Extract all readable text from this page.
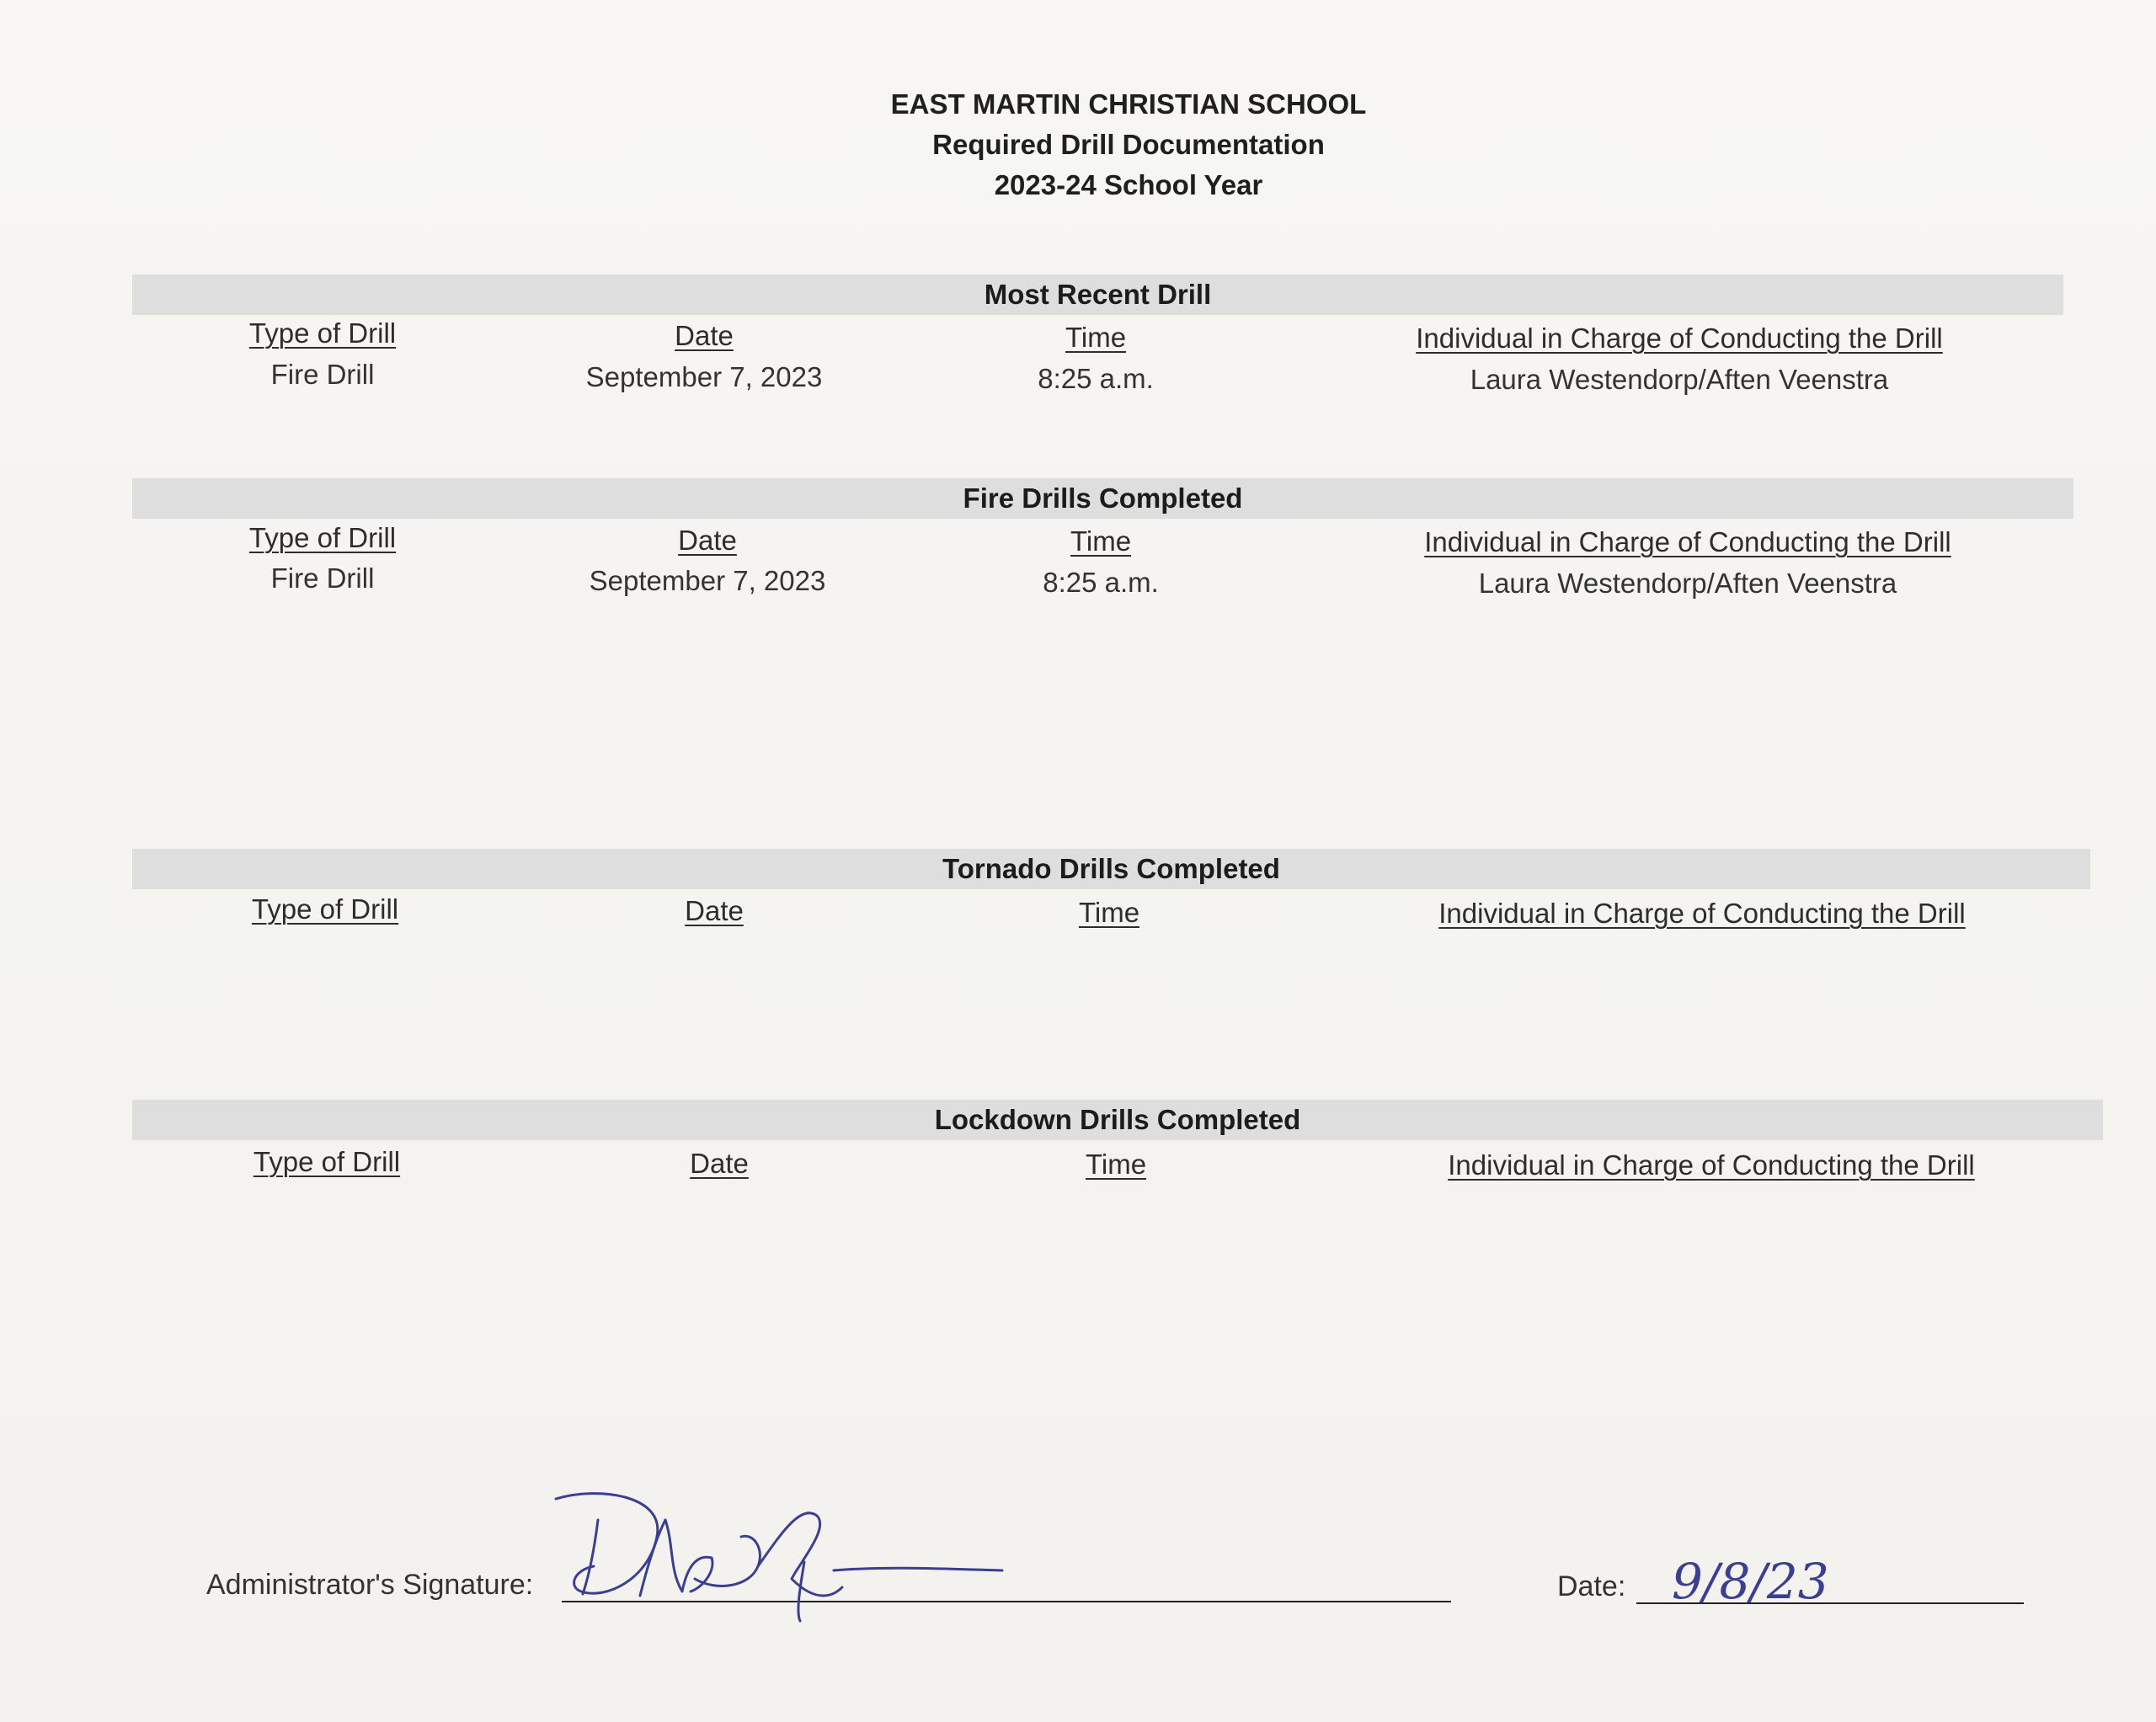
EAST MARTIN CHRISTIAN SCHOOL
Required Drill Documentation
2023-24 School Year
Most Recent Drill
Type of Drill	Date	Time	Individual in Charge of Conducting the Drill
Fire Drill	September 7, 2023	8:25 a.m.	Laura Westendorp/Aften Veenstra
Fire Drills Completed
Type of Drill	Date	Time	Individual in Charge of Conducting the Drill
Fire Drill	September 7, 2023	8:25 a.m.	Laura Westendorp/Aften Veenstra
Tornado Drills Completed
Type of Drill	Date	Time	Individual in Charge of Conducting the Drill
Lockdown Drills Completed
Type of Drill	Date	Time	Individual in Charge of Conducting the Drill
Administrator's Signature:	Date: 9/8/23
